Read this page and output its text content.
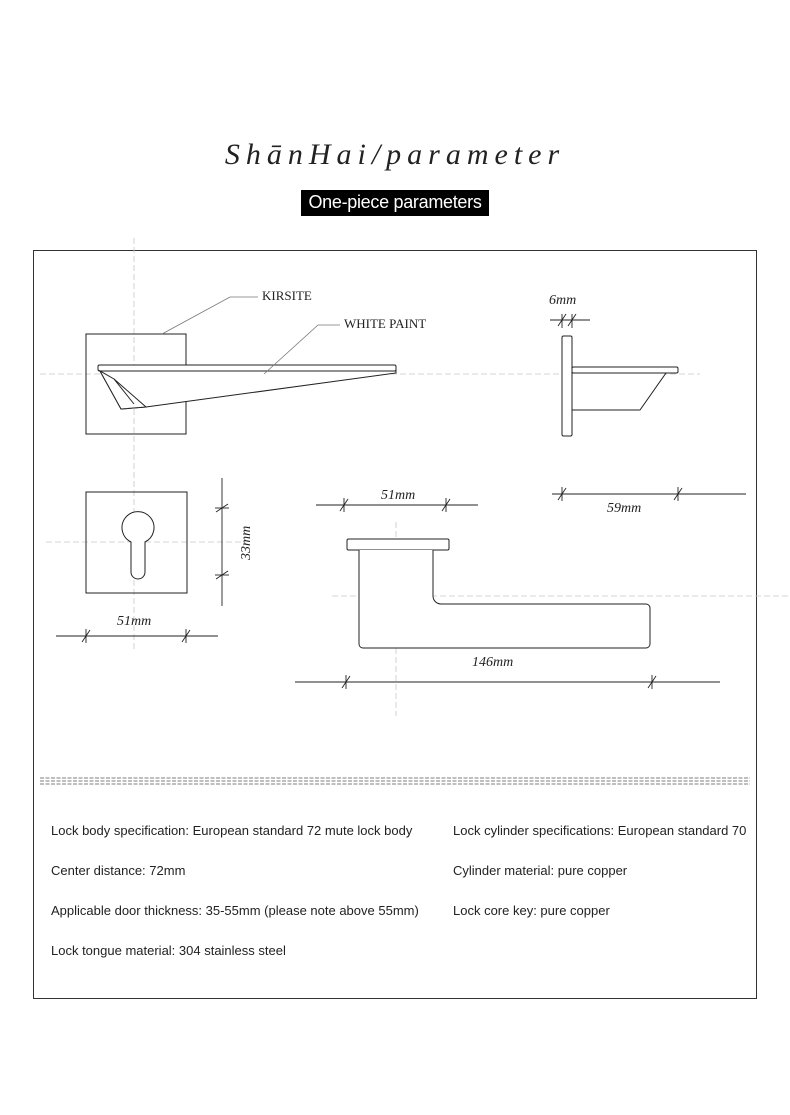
ShānHai/parameter
One-piece parameters
KIRSITE
WHITE PAINT
6mm
59mm
33mm
51mm
51mm
146mm
Lock body specification: European standard 72 mute lock body
Center distance: 72mm
Applicable door thickness: 35-55mm (please note above 55mm)
Lock tongue material: 304 stainless steel
Lock cylinder specifications: European standard 70
Cylinder material: pure copper
Lock core key: pure copper
